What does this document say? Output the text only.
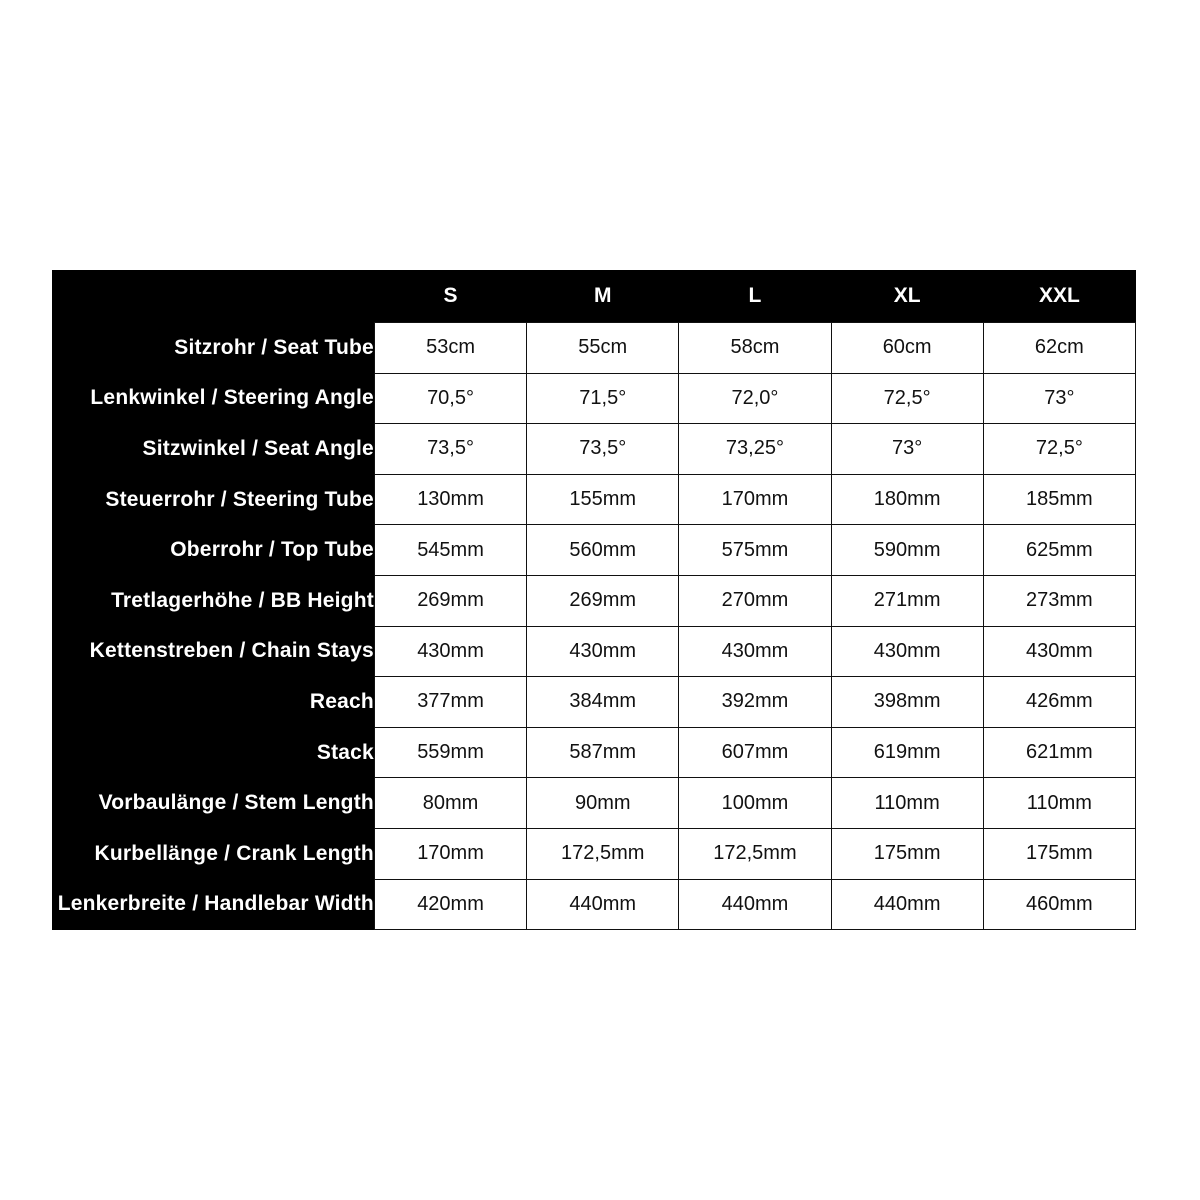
	S	M	L	XL	XXL
Sitzrohr / Seat Tube	53cm	55cm	58cm	60cm	62cm
Lenkwinkel / Steering Angle	70,5°	71,5°	72,0°	72,5°	73°
Sitzwinkel / Seat Angle	73,5°	73,5°	73,25°	73°	72,5°
Steuerrohr / Steering Tube	130mm	155mm	170mm	180mm	185mm
Oberrohr / Top Tube	545mm	560mm	575mm	590mm	625mm
Tretlagerhöhe / BB Height	269mm	269mm	270mm	271mm	273mm
Kettenstreben / Chain Stays	430mm	430mm	430mm	430mm	430mm
Reach	377mm	384mm	392mm	398mm	426mm
Stack	559mm	587mm	607mm	619mm	621mm
Vorbaulänge / Stem Length	80mm	90mm	100mm	110mm	110mm
Kurbellänge / Crank Length	170mm	172,5mm	172,5mm	175mm	175mm
Lenkerbreite / Handlebar Width	420mm	440mm	440mm	440mm	460mm
